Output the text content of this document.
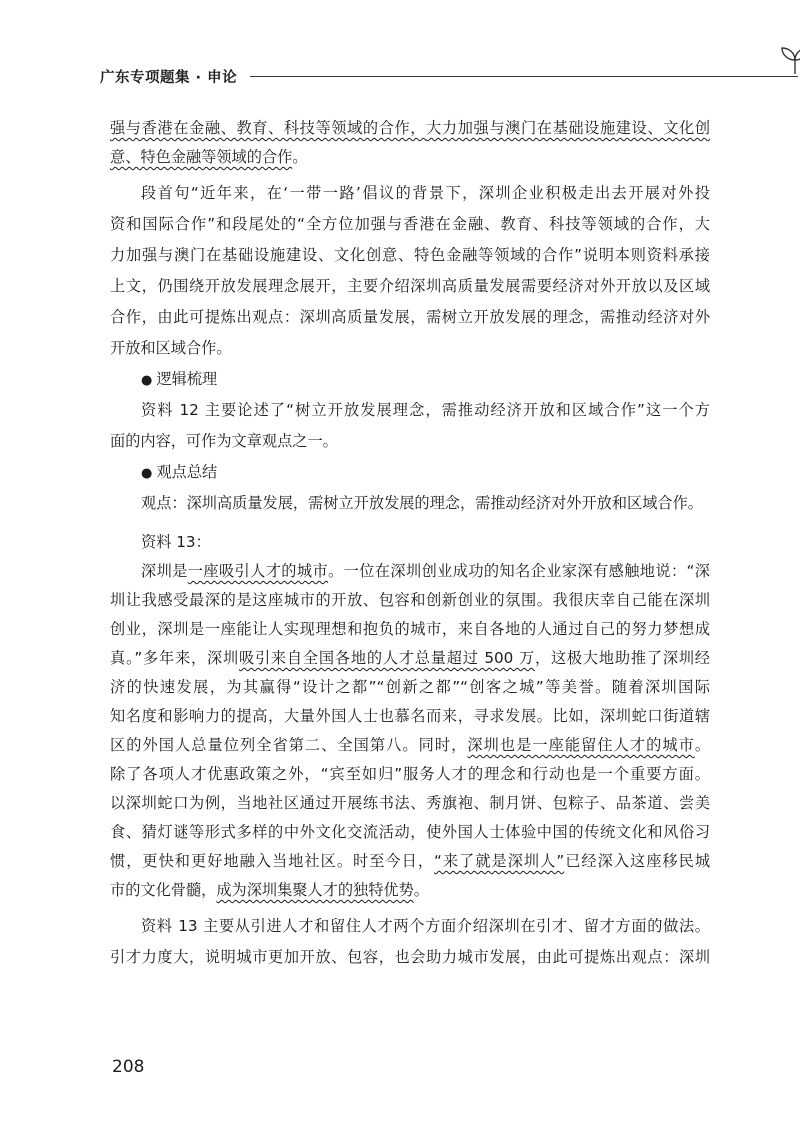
广东专项题集 · 申论
强与香港在金融、教育、科技等领域的合作，大力加强与澳门在基础设施建设、文化创
意、特色金融等领域的合作。
段首句“近年来，在‘一带一路’倡议的背景下，深圳企业积极走出去开展对外投
资和国际合作”和段尾处的“全方位加强与香港在金融、教育、科技等领域的合作，大
力加强与澳门在基础设施建设、文化创意、特色金融等领域的合作”说明本则资料承接
上文，仍围绕开放发展理念展开，主要介绍深圳高质量发展需要经济对外开放以及区域
合作，由此可提炼出观点：深圳高质量发展，需树立开放发展的理念，需推动经济对外
开放和区域合作。
● 逻辑梳理
资料 12 主要论述了“树立开放发展理念，需推动经济开放和区域合作”这一个方
面的内容，可作为文章观点之一。
● 观点总结
观点：深圳高质量发展，需树立开放发展的理念，需推动经济对外开放和区域合作。
资料 13：
深圳是一座吸引人才的城市。一位在深圳创业成功的知名企业家深有感触地说：“深
圳让我感受最深的是这座城市的开放、包容和创新创业的氛围。我很庆幸自己能在深圳
创业，深圳是一座能让人实现理想和抱负的城市，来自各地的人通过自己的努力梦想成
真。”多年来，深圳吸引来自全国各地的人才总量超过 500 万，这极大地助推了深圳经
济的快速发展，为其赢得“设计之都”“创新之都”“创客之城”等美誉。随着深圳国际
知名度和影响力的提高，大量外国人士也慕名而来，寻求发展。比如，深圳蛇口街道辖
区的外国人总量位列全省第二、全国第八。同时，深圳也是一座能留住人才的城市。
除了各项人才优惠政策之外，“宾至如归”服务人才的理念和行动也是一个重要方面。
以深圳蛇口为例，当地社区通过开展练书法、秀旗袍、制月饼、包粽子、品茶道、尝美
食、猜灯谜等形式多样的中外文化交流活动，使外国人士体验中国的传统文化和风俗习
惯，更快和更好地融入当地社区。时至今日，“来了就是深圳人”已经深入这座移民城
市的文化骨髓，成为深圳集聚人才的独特优势。
资料 13 主要从引进人才和留住人才两个方面介绍深圳在引才、留才方面的做法。
引才力度大，说明城市更加开放、包容，也会助力城市发展，由此可提炼出观点：深圳
208
